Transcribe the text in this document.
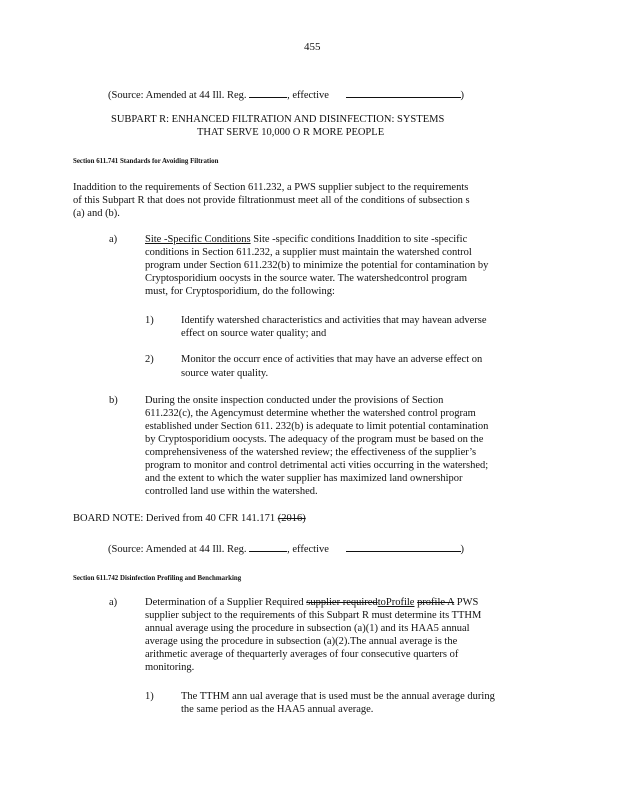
455
(Source: Amended at 44 Ill. Reg.	, effective	)
SUBPART R: ENHANCED FILTRATION AND DISINFECTION: SYSTEMS
THAT SERVE 10,000 O R MORE PEOPLE
Section 611.741 Standards for Avoiding Filtration
Inaddition to the requirements of Section 611.232, a PWS supplier subject to the requirements
of this Subpart R that does not provide filtrationmust meet all of the conditions of subsection s
(a) and (b).
a)	Site -Specific Conditions Site -specific conditions Inaddition to site -specific
conditions in Section 611.232, a supplier must maintain the watershed control
program under Section 611.232(b) to minimize the potential for contamination by
Cryptosporidium oocysts in the source water. The watershedcontrol program
must, for Cryptosporidium, do the following:
1)	Identify watershed characteristics and activities that may havean adverse
effect on source water quality; and
2)	Monitor the occurr ence of activities that may have an adverse effect on
source water quality.
b)	During the onsite inspection conducted under the provisions of Section
611.232(c), the Agencymust determine whether the watershed control program
established under Section 611. 232(b) is adequate to limit potential contamination
by Cryptosporidium oocysts. The adequacy of the program must be based on the
comprehensiveness of the watershed review; the effectiveness of the supplier’s
program to monitor and control detrimental acti vities occurring in the watershed;
and the extent to which the water supplier has maximized land ownershipor
controlled land use within the watershed.
BOARD NOTE: Derived from 40 CFR 141.171 (2016)
(Source: Amended at 44 Ill. Reg.	, effective	)
Section 611.742 Disinfection Profiling and Benchmarking
a)	Determination of a Supplier Required supplier requiredtoProfile profile A PWS
supplier subject to the requirements of this Subpart R must determine its TTHM
annual average using the procedure in subsection (a)(1) and its HAA5 annual
average using the procedure in subsection (a)(2).The annual average is the
arithmetic average of thequarterly averages of four consecutive quarters of
monitoring.
1)	The TTHM ann ual average that is used must be the annual average during
the same period as the HAA5 annual average.
